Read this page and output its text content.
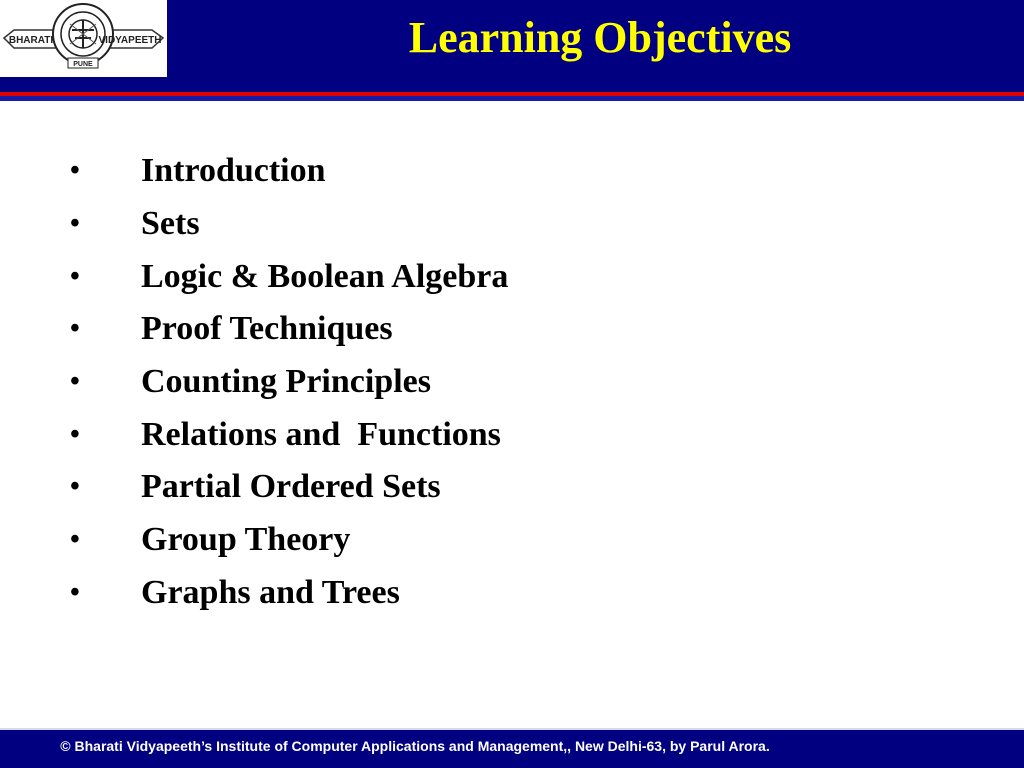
BHARATI	VIDYAPEETH
PUNE
Learning Objectives
•	Introduction
•	Sets
•	Logic & Boolean Algebra
•	Proof Techniques
•	Counting Principles
•	Relations and  Functions
•	Partial Ordered Sets
•	Group Theory
•	Graphs and Trees
© Bharati Vidyapeeth’s Institute of Computer Applications and Management,, New Delhi-63, by Parul Arora.
